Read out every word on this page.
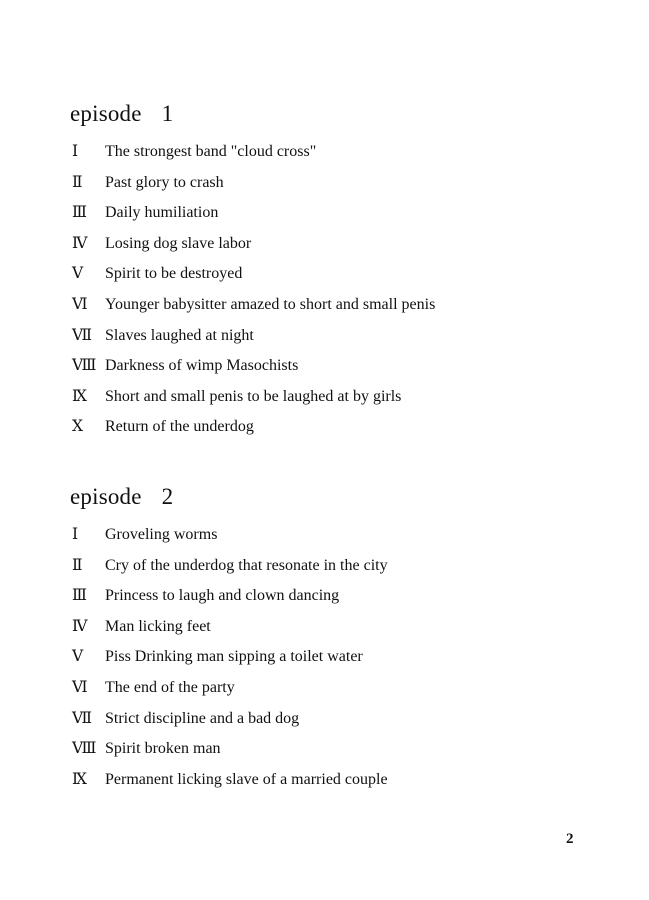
episode 1
Ⅰ	The strongest band "cloud cross"
Ⅱ	Past glory to crash
Ⅲ	Daily humiliation
Ⅳ	Losing dog slave labor
Ⅴ	Spirit to be destroyed
Ⅵ	Younger babysitter amazed to short and small penis
Ⅶ Slaves laughed at night
Ⅷ Darkness of wimp Masochists
Ⅸ	Short and small penis to be laughed at by girls
Ⅹ	Return of the underdog
episode 2
Ⅰ	Groveling worms
Ⅱ	Cry of the underdog that resonate in the city
Ⅲ	Princess to laugh and clown dancing
Ⅳ	Man licking feet
Ⅴ	Piss Drinking man sipping a toilet water
Ⅵ	The end of the party
Ⅶ Strict discipline and a bad dog
Ⅷ Spirit broken man
Ⅸ	Permanent licking slave of a married couple
2
